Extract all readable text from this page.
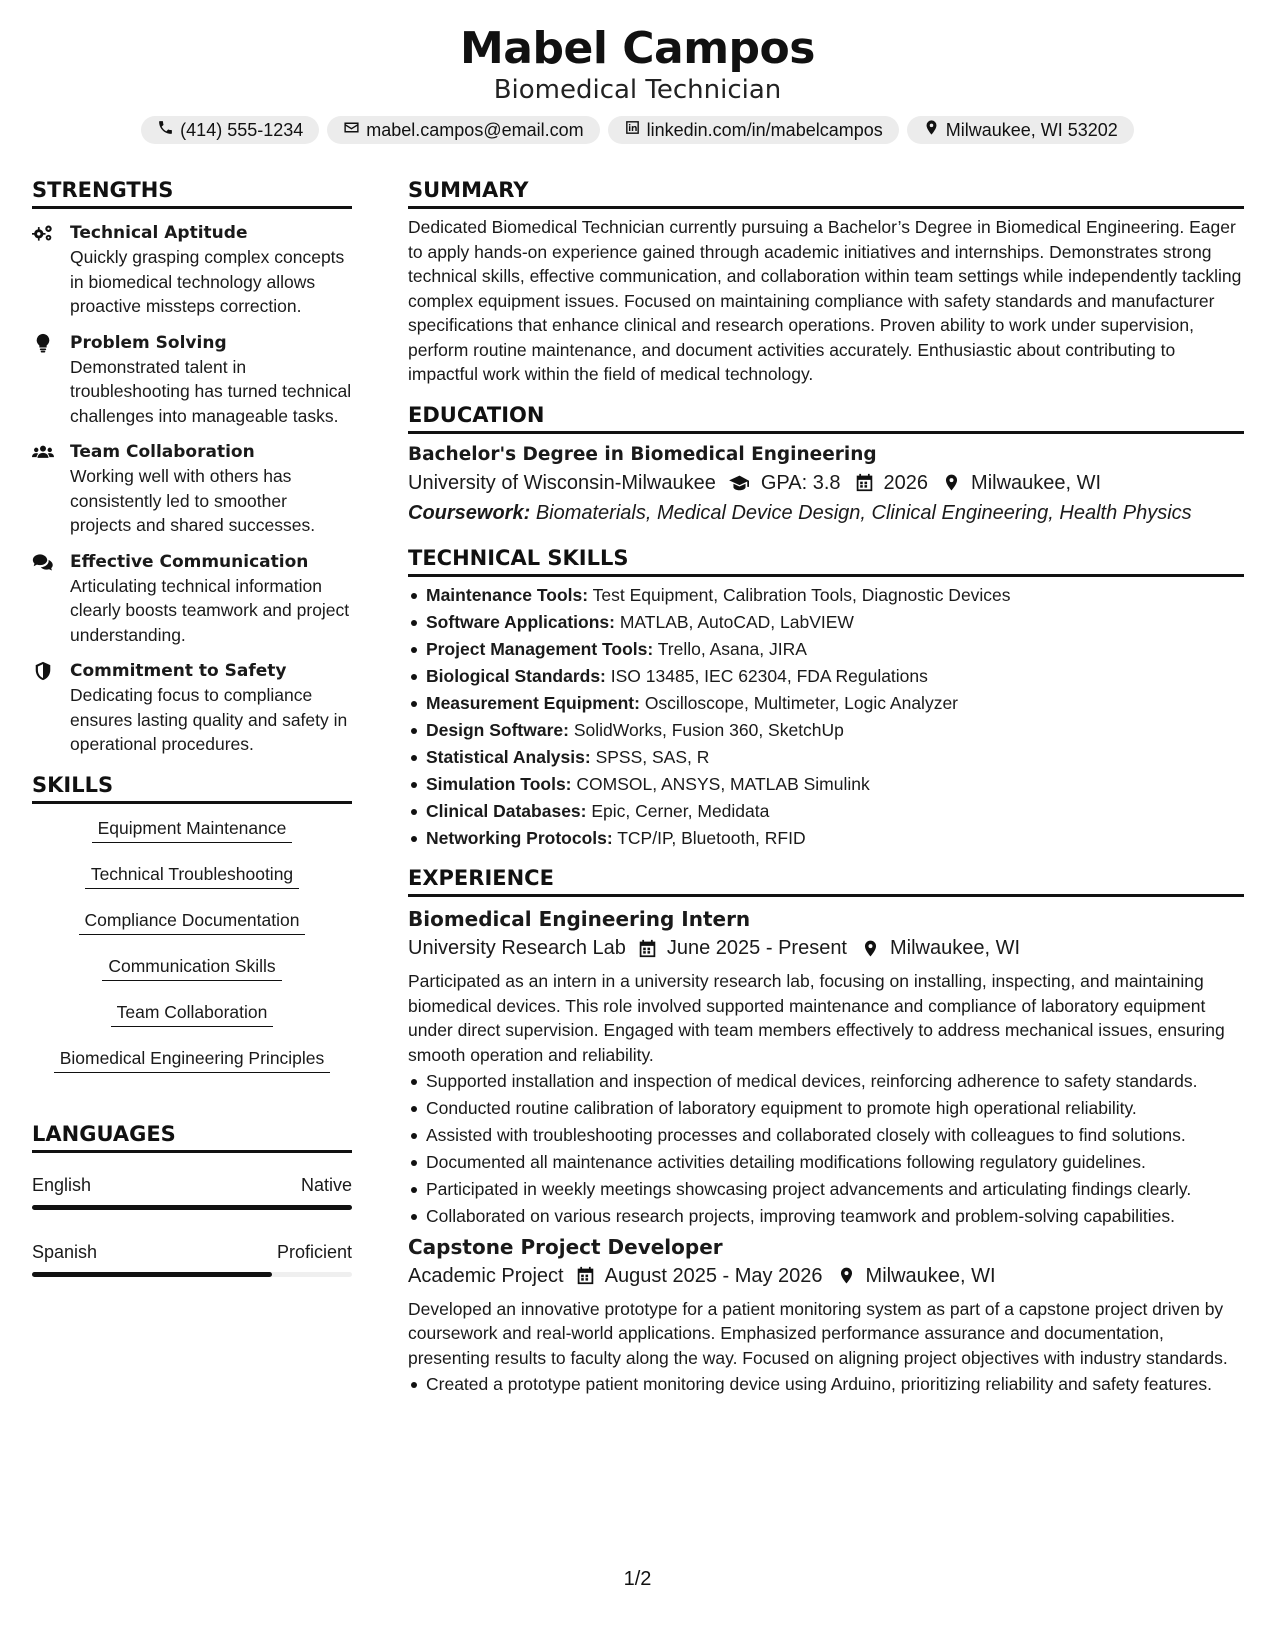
Mabel Campos
Biomedical Technician
(414) 555-1234	mabel.campos@email.com	linkedin.com/in/mabelcampos	Milwaukee, WI 53202
STRENGTHS
Technical Aptitude
Quickly grasping complex concepts in biomedical technology allows proactive missteps correction.
Problem Solving
Demonstrated talent in troubleshooting has turned technical challenges into manageable tasks.
Team Collaboration
Working well with others has consistently led to smoother projects and shared successes.
Effective Communication
Articulating technical information clearly boosts teamwork and project understanding.
Commitment to Safety
Dedicating focus to compliance ensures lasting quality and safety in operational procedures.
SKILLS
Equipment Maintenance
Technical Troubleshooting
Compliance Documentation
Communication Skills
Team Collaboration
Biomedical Engineering Principles
LANGUAGES
English	Native
Spanish	Proficient
SUMMARY
Dedicated Biomedical Technician currently pursuing a Bachelor’s Degree in Biomedical Engineering. Eager to apply hands-on experience gained through academic initiatives and internships. Demonstrates strong technical skills, effective communication, and collaboration within team settings while independently tackling complex equipment issues. Focused on maintaining compliance with safety standards and manufacturer specifications that enhance clinical and research operations. Proven ability to work under supervision, perform routine maintenance, and document activities accurately. Enthusiastic about contributing to impactful work within the field of medical technology.
EDUCATION
Bachelor's Degree in Biomedical Engineering
University of Wisconsin-Milwaukee GPA: 3.8 2026 Milwaukee, WI
Coursework: Biomaterials, Medical Device Design, Clinical Engineering, Health Physics
TECHNICAL SKILLS
Maintenance Tools: Test Equipment, Calibration Tools, Diagnostic Devices
Software Applications: MATLAB, AutoCAD, LabVIEW
Project Management Tools: Trello, Asana, JIRA
Biological Standards: ISO 13485, IEC 62304, FDA Regulations
Measurement Equipment: Oscilloscope, Multimeter, Logic Analyzer
Design Software: SolidWorks, Fusion 360, SketchUp
Statistical Analysis: SPSS, SAS, R
Simulation Tools: COMSOL, ANSYS, MATLAB Simulink
Clinical Databases: Epic, Cerner, Medidata
Networking Protocols: TCP/IP, Bluetooth, RFID
EXPERIENCE
Biomedical Engineering Intern
University Research Lab June 2025 - Present Milwaukee, WI
Participated as an intern in a university research lab, focusing on installing, inspecting, and maintaining biomedical devices. This role involved supported maintenance and compliance of laboratory equipment under direct supervision. Engaged with team members effectively to address mechanical issues, ensuring smooth operation and reliability.
Supported installation and inspection of medical devices, reinforcing adherence to safety standards.
Conducted routine calibration of laboratory equipment to promote high operational reliability.
Assisted with troubleshooting processes and collaborated closely with colleagues to find solutions.
Documented all maintenance activities detailing modifications following regulatory guidelines.
Participated in weekly meetings showcasing project advancements and articulating findings clearly.
Collaborated on various research projects, improving teamwork and problem-solving capabilities.
Capstone Project Developer
Academic Project August 2025 - May 2026 Milwaukee, WI
Developed an innovative prototype for a patient monitoring system as part of a capstone project driven by coursework and real-world applications. Emphasized performance assurance and documentation, presenting results to faculty along the way. Focused on aligning project objectives with industry standards.
Created a prototype patient monitoring device using Arduino, prioritizing reliability and safety features.
1/2
